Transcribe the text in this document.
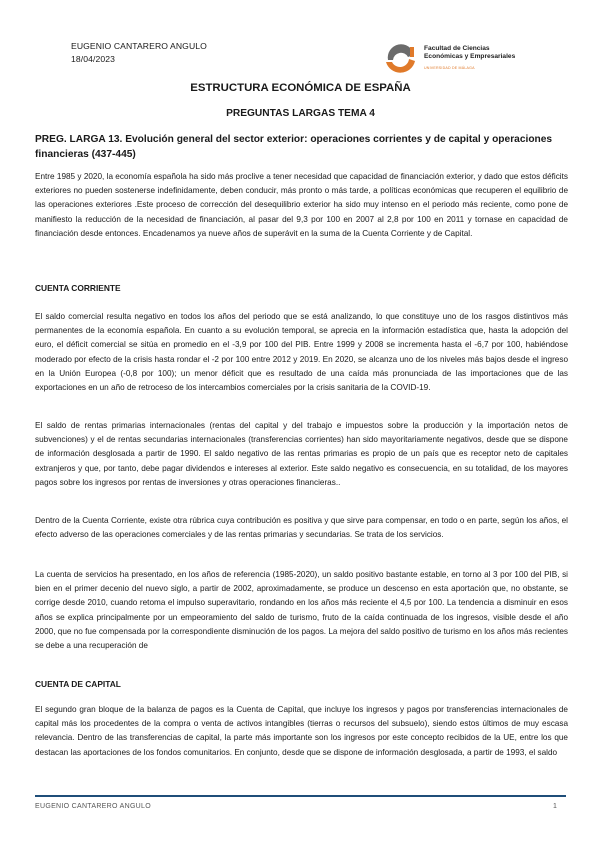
EUGENIO CANTARERO ANGULO
18/04/2023
Facultad de Ciencias
Económicas y Empresariales
UNIVERSIDAD DE MÁLAGA
ESTRUCTURA ECONÓMICA DE ESPAÑA
PREGUNTAS LARGAS TEMA 4
PREG. LARGA 13. Evolución general del sector exterior: operaciones corrientes y de capital y operaciones financieras (437-445)

Entre 1985 y 2020, la economía española ha sido más proclive a tener necesidad que capacidad de financiación exterior, y dado que estos déficits exteriores no pueden sostenerse indefinidamente, deben conducir, más pronto o más tarde, a políticas económicas que recuperen el equilibrio de las operaciones exteriores .Este proceso de corrección del desequilibrio exterior ha sido muy intenso en el periodo más reciente, como pone de manifiesto la reducción de la necesidad de financiación, al pasar del 9,3 por 100 en 2007 al 2,8 por 100 en 2011 y tornase en capacidad de financiación desde entonces. Encadenamos ya nueve años de superávit en la suma de la Cuenta Corriente y de Capital.

CUENTA CORRIENTE

El saldo comercial resulta negativo en todos los años del periodo que se está analizando, lo que constituye uno de los rasgos distintivos más permanentes de la economía española. En cuanto a su evolución temporal, se aprecia en la información estadística que, hasta la adopción del euro, el déficit comercial se sitúa en promedio en el -3,9 por 100 del PIB. Entre 1999 y 2008 se incrementa hasta el -6,7 por 100, habiéndose moderado por efecto de la crisis hasta rondar el -2 por 100 entre 2012 y 2019. En 2020, se alcanza uno de los niveles más bajos desde el ingreso en la Unión Europea (-0,8 por 100); un menor déficit que es resultado de una caída más pronunciada de las importaciones que de las exportaciones en un año de retroceso de los intercambios comerciales por la crisis sanitaria de la COVID-19.

El saldo de rentas primarias internacionales (rentas del capital y del trabajo e impuestos sobre la producción y la importación netos de subvenciones) y el de rentas secundarias internacionales (transferencias corrientes) han sido mayoritariamente negativos, desde que se dispone de información desglosada a partir de 1990. El saldo negativo de las rentas primarias es propio de un país que es receptor neto de capitales extranjeros y que, por tanto, debe pagar dividendos e intereses al exterior. Este saldo negativo es consecuencia, en su totalidad, de los mayores pagos sobre los ingresos por rentas de inversiones y otras operaciones financieras..

Dentro de la Cuenta Corriente, existe otra rúbrica cuya contribución es positiva y que sirve para compensar, en todo o en parte, según los años, el efecto adverso de las operaciones comerciales y de las rentas primarias y secundarias. Se trata de los servicios.

La cuenta de servicios ha presentado, en los años de referencia (1985-2020), un saldo positivo bastante estable, en torno al 3 por 100 del PIB, si bien en el primer decenio del nuevo siglo, a partir de 2002, aproximadamente, se produce un descenso en esta aportación que, no obstante, se corrige desde 2010, cuando retoma el impulso superavitario, rondando en los años más reciente el 4,5 por 100. La tendencia a disminuir en esos años se explica principalmente por un empeoramiento del saldo de turismo, fruto de la caída continuada de los ingresos, visible desde el año 2000, que no fue compensada por la correspondiente disminución de los pagos. La mejora del saldo positivo de turismo en los años más recientes se debe a una recuperación de

CUENTA DE CAPITAL

El segundo gran bloque de la balanza de pagos es la Cuenta de Capital, que incluye los ingresos y pagos por transferencias internacionales de capital más los procedentes de la compra o venta de activos intangibles (tierras o recursos del subsuelo), siendo estos últimos de muy escasa relevancia. Dentro de las transferencias de capital, la parte más importante son los ingresos por este concepto recibidos de la UE, entre los que destacan las aportaciones de los fondos comunitarios. En conjunto, desde que se dispone de información desglosada, a partir de 1993, el saldo

EUGENIO CANTARERO ANGULO	1
